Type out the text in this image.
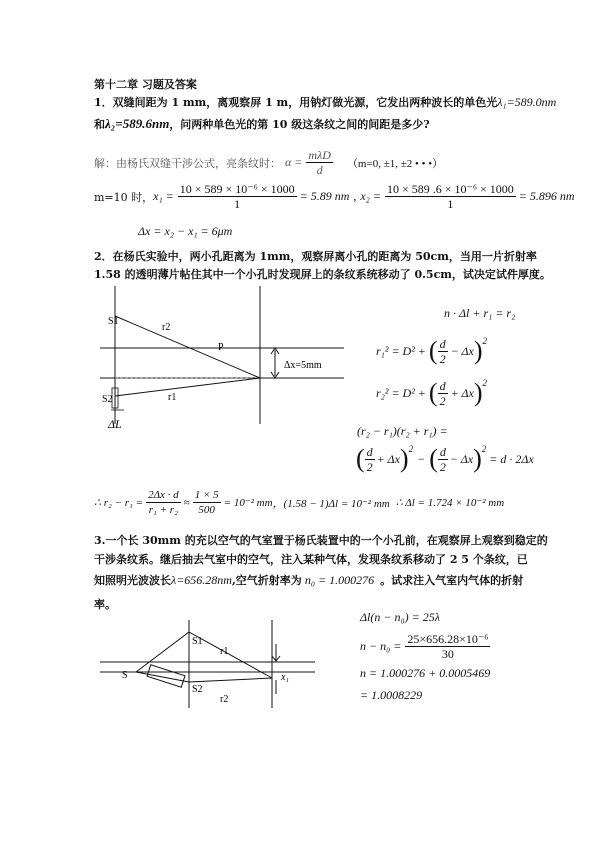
第十二章 习题及答案
1．双缝间距为 1 mm，离观察屏 1 m，用钠灯做光源，它发出两种波长的单色光λ₁=589.0nm
和λ₂=589.6nm，问两种单色光的第 10 级这条纹之间的间距是多少?
解：由杨氏双缝干涉公式，亮条纹时： $\alpha = \frac{\text{mλD}}{d} (m=0$, ±1, ±2 • • •）
m=10 时， $x_1 = \frac{\text{10 × 589 × 10⁻⁶ × 1000}}{1} = 5.89$ nm , $x_2 = \frac{\text{10 × 589 .6 × 10⁻⁶ × 1000}}{1} = 5.896$ nm
Δx = x₂ − x₁ = 6μm
2．在杨氏实验中，两小孔距离为 1mm，观察屏离小孔的距离为 50cm，当用一片折射率
1.58 的透明薄片帖住其中一个小孔时发现屏上的条纹系统移动了 0.5cm，试决定试件厚度。
S1
r2
P
S2	r1
Δx=5mm
ΔL
n · Δl + r₁ = r₂
r₁² = D² + ( $\frac{d}{2} - \Delta x$ )$^2$
r₂² = D² + ( $\frac{d}{2} + \Delta x$ )$^2$
(r₂ − r₁)(r₂ + r₁) =
( $\frac{d}{2} + \Delta x$ )$^2$
− ( $\frac{d}{2} - \Delta x$ )$^2$
= d · 2Δx
∴ $r_2 - r_1 = \frac{2\Delta x \cdot d}{\text{r₁ + r₂}} \approx \frac{1 \times 5}{500} = 10^{-2}$ mm ，(1.58 − 1)Δl = 10⁻² mm ∴ Δl = 1.724 × 10⁻² mm
3.一个长 30mm 的充以空气的气室置于杨氏装置中的一个小孔前，在观察屏上观察到稳定的
干涉条纹系。继后抽去气室中的空气，注入某种气体，发现条纹系移动了 2 5 个条纹，已
知照明光波波长λ=656.28nm,空气折射率为 n₀ = 1.000276 。试求注入气室内气体的折射
率。
S
S1
S2
r1
r2
x₁
Δl(n − n₀) = 25λ
$n - n_0 = \frac{\text{25×656.28×10⁻⁶}}{30}$
n = 1.000276 + 0.0005469
= 1.0008229
